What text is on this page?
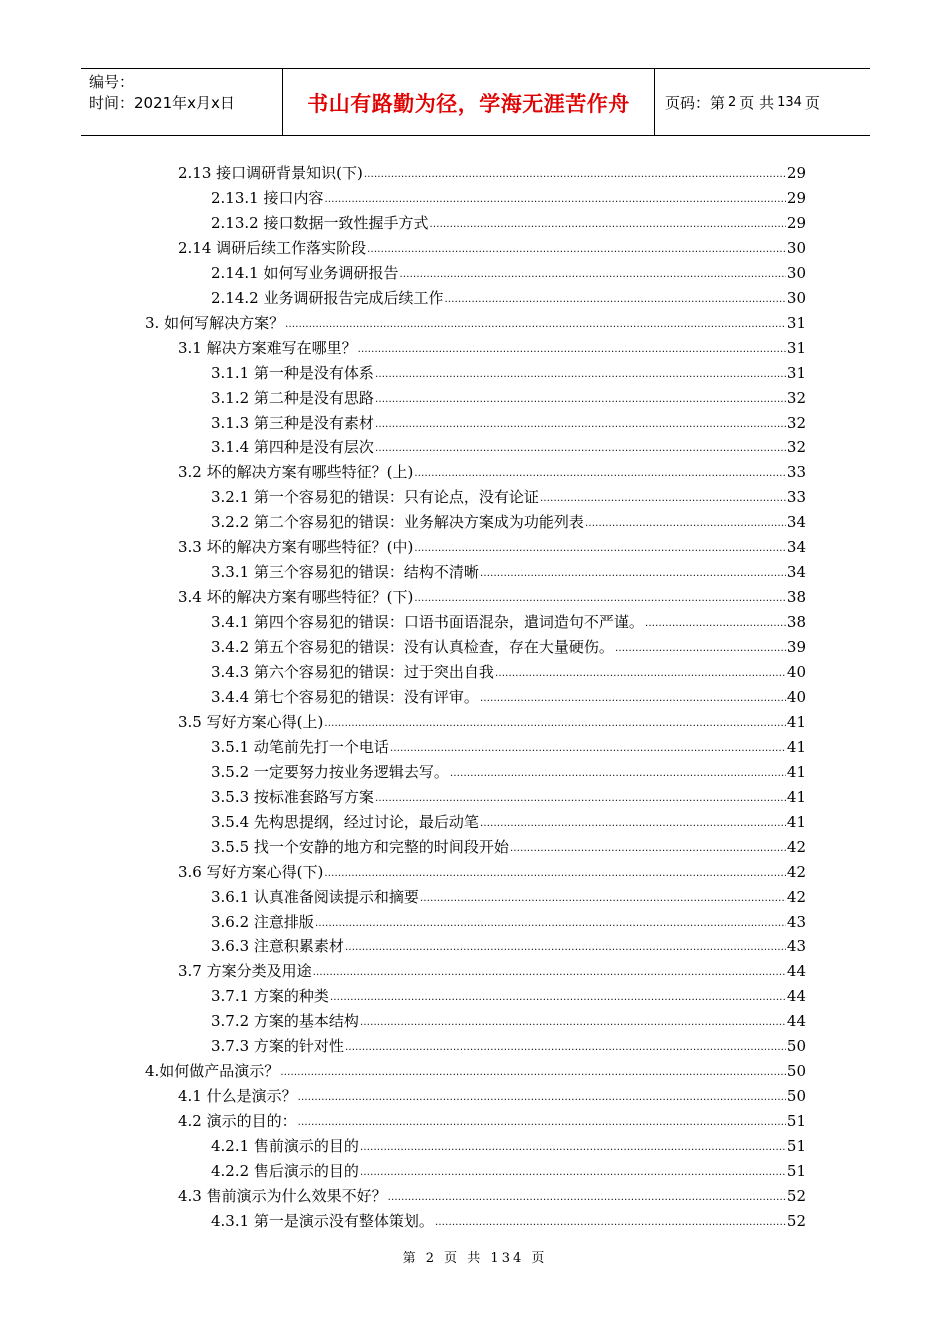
编号：
时间：2021年x月x日	书山有路勤为径，学海无涯苦作舟 页码：第 2 页 共 134 页
2.13 接口调研背景知识(下) .....	29
2.13.1 接口内容 .....	29
2.13.2 接口数据一致性握手方式 .....	29
2.14 调研后续工作落实阶段 .....	30
2.14.1 如何写业务调研报告 .....	30
2.14.2 业务调研报告完成后续工作 .....	30
3. 如何写解决方案？ .....	31
3.1 解决方案难写在哪里？ .....	31
3.1.1 第一种是没有体系 .....	31
3.1.2 第二种是没有思路 .....	32
3.1.3 第三种是没有素材 .....	32
3.1.4 第四种是没有层次 .....	32
3.2 坏的解决方案有哪些特征？(上) .....	33
3.2.1 第一个容易犯的错误：只有论点，没有论证 .....	33
3.2.2 第二个容易犯的错误：业务解决方案成为功能列表 .....	34
3.3 坏的解决方案有哪些特征？(中) .....	34
3.3.1 第三个容易犯的错误：结构不清晰 .....	34
3.4 坏的解决方案有哪些特征？(下) .....	38
3.4.1 第四个容易犯的错误：口语书面语混杂，遣词造句不严谨。 .....	38
3.4.2 第五个容易犯的错误：没有认真检查，存在大量硬伤。 .....	39
3.4.3 第六个容易犯的错误：过于突出自我 .....	40
3.4.4 第七个容易犯的错误：没有评审。 .....	40
3.5 写好方案心得(上) .....	41
3.5.1 动笔前先打一个电话 .....	41
3.5.2 一定要努力按业务逻辑去写。 .....	41
3.5.3 按标准套路写方案 .....	41
3.5.4 先构思提纲，经过讨论，最后动笔 .....	41
3.5.5 找一个安静的地方和完整的时间段开始 .....	42
3.6 写好方案心得(下) .....	42
3.6.1 认真准备阅读提示和摘要 .....	42
3.6.2 注意排版 .....	43
3.6.3 注意积累素材 .....	43
3.7 方案分类及用途 .....	44
3.7.1 方案的种类 .....	44
3.7.2 方案的基本结构 .....	44
3.7.3 方案的针对性 .....	50
4.如何做产品演示？ .....	50
4.1 什么是演示？ .....	50
4.2 演示的目的： .....	51
4.2.1 售前演示的目的 .....	51
4.2.2 售后演示的目的 .....	51
4.3 售前演示为什么效果不好？ .....	52
4.3.1 第一是演示没有整体策划。 .....	52
第 2 页 共 134 页
